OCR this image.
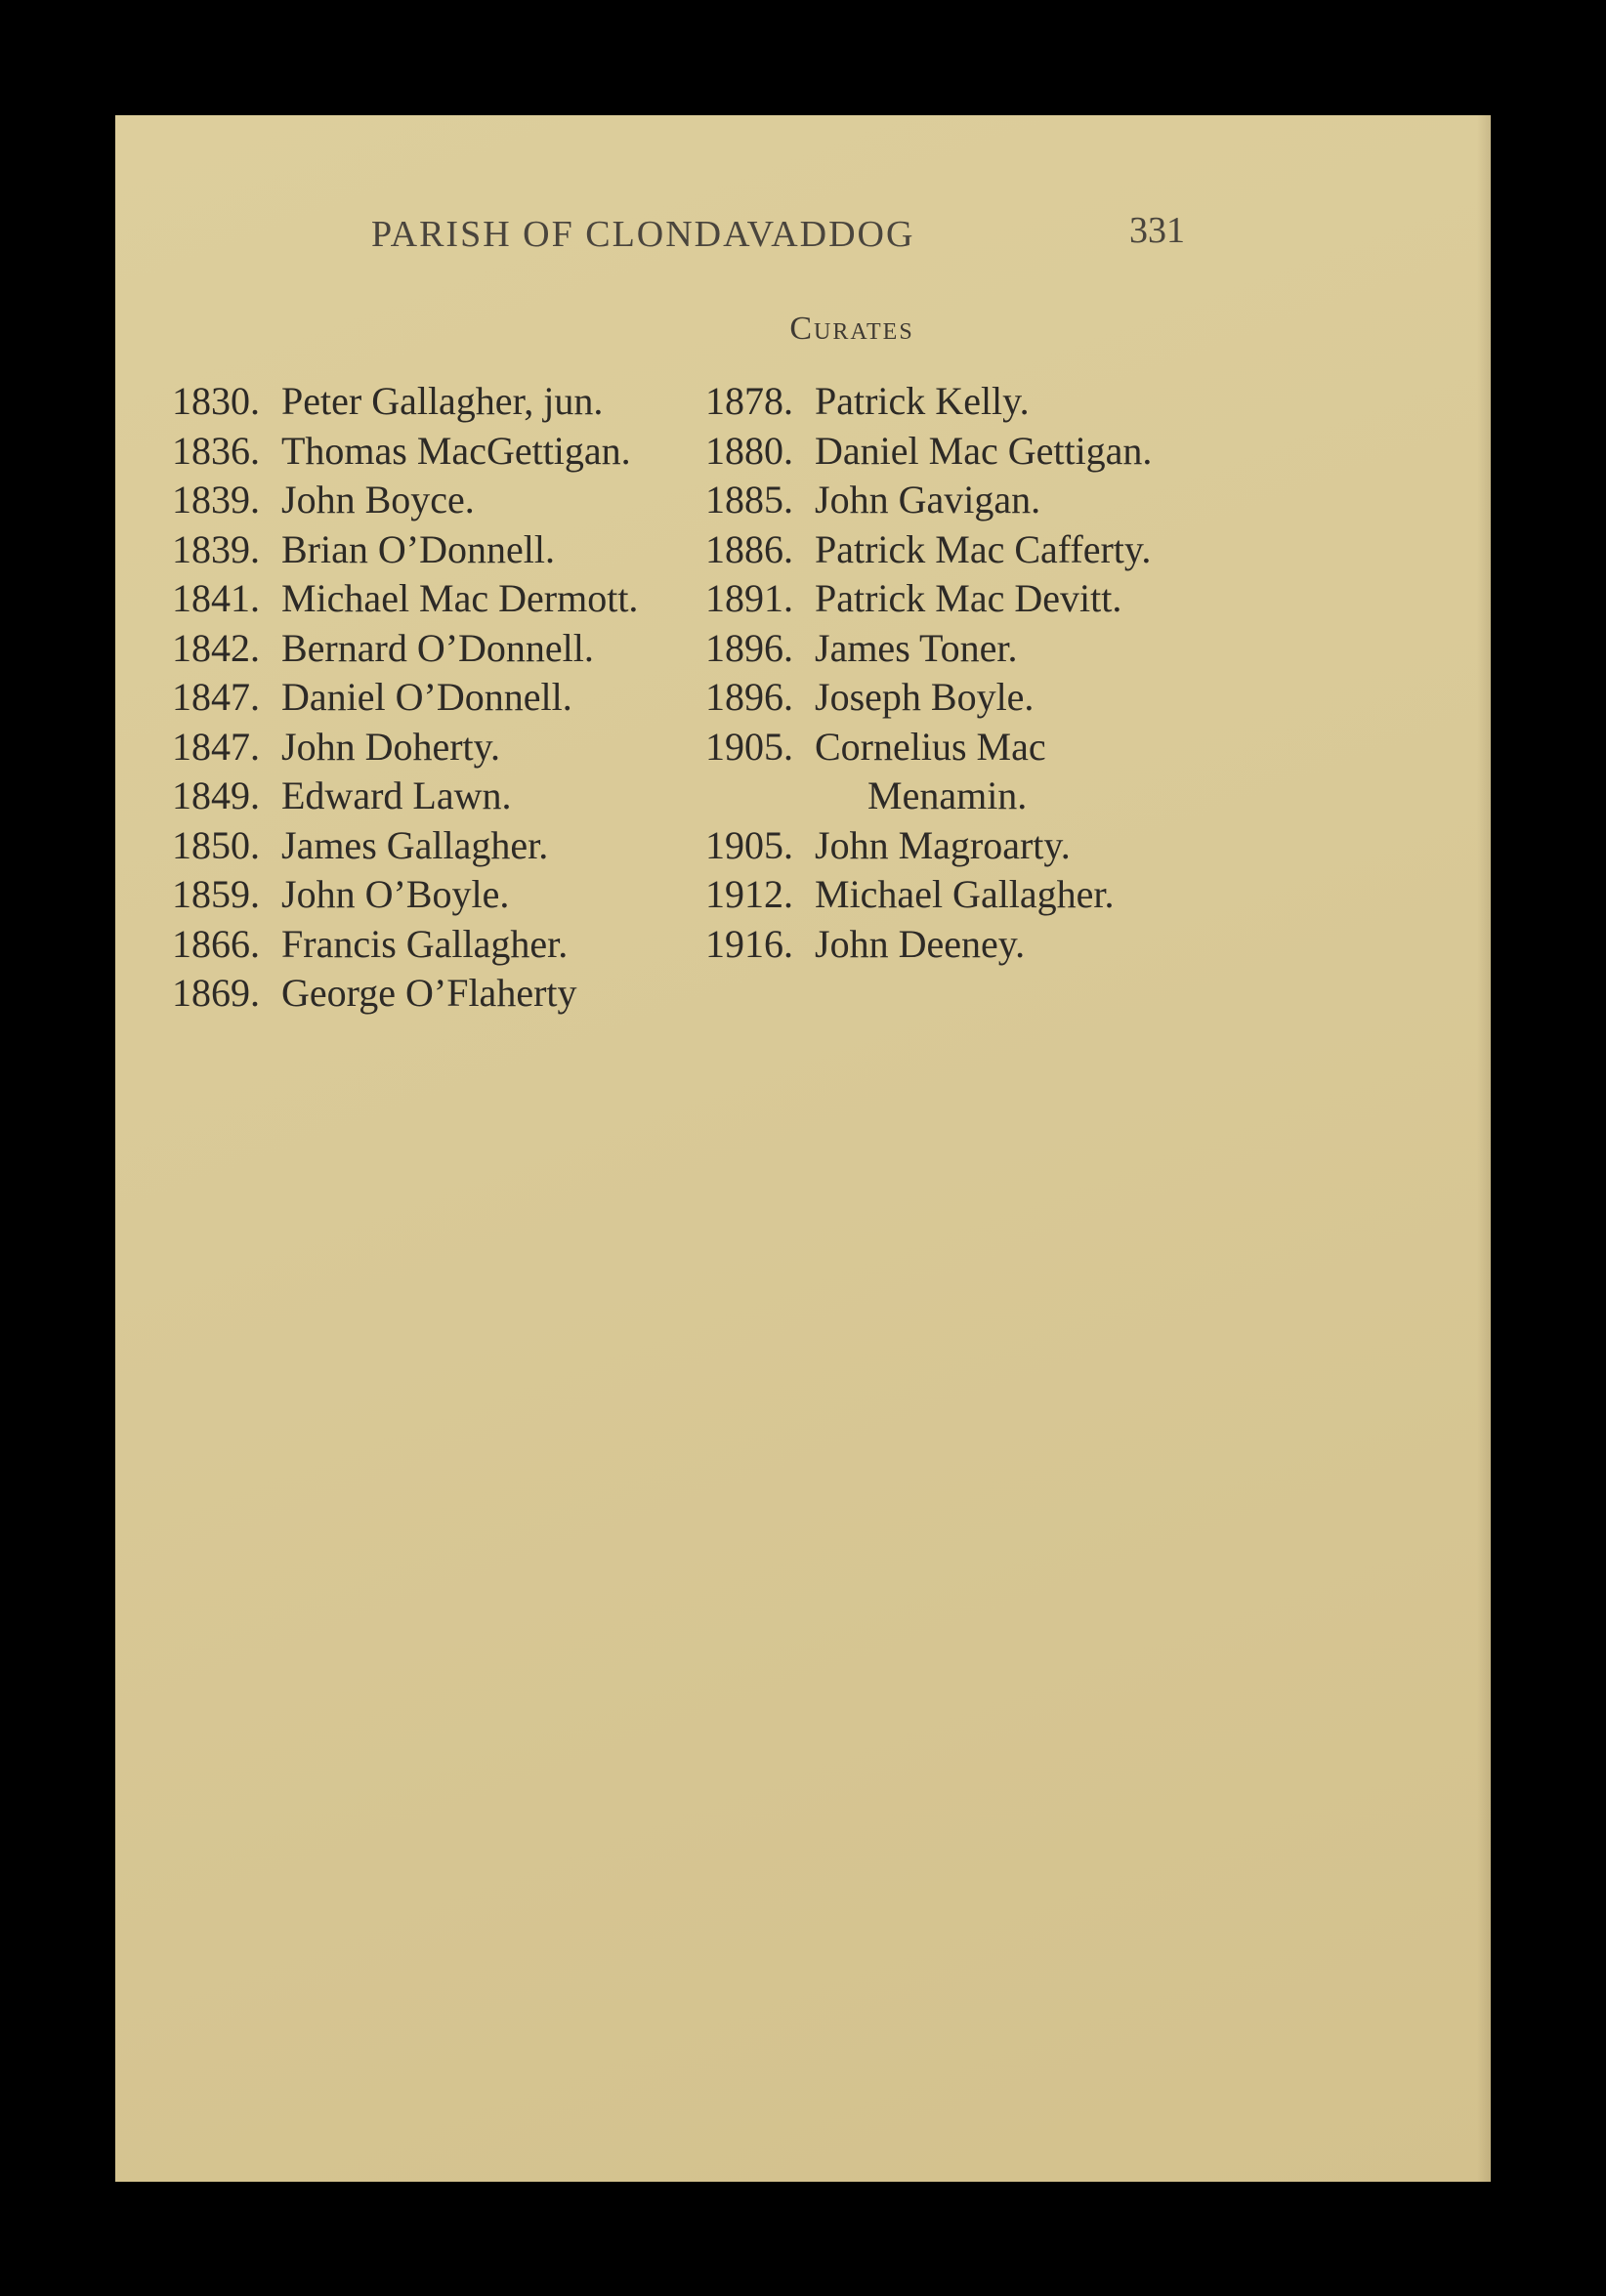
PARISH OF CLONDAVADDOG	331
Curates
1830. Peter Gallagher, jun.
1836. Thomas MacGettigan.
1839. John Boyce.
1839. Brian O’Donnell.
1841. Michael Mac Dermott.
1842. Bernard O’Donnell.
1847. Daniel O’Donnell.
1847. John Doherty.
1849. Edward Lawn.
1850. James Gallagher.
1859. John O’Boyle.
1866. Francis Gallagher.
1869. George O’Flaherty
1878. Patrick Kelly.
1880. Daniel Mac Gettigan.
1885. John Gavigan.
1886. Patrick Mac Cafferty.
1891. Patrick Mac Devitt.
1896. James Toner.
1896. Joseph Boyle.
1905. Cornelius Mac
Menamin.
1905. John Magroarty.
1912. Michael Gallagher.
1916. John Deeney.
